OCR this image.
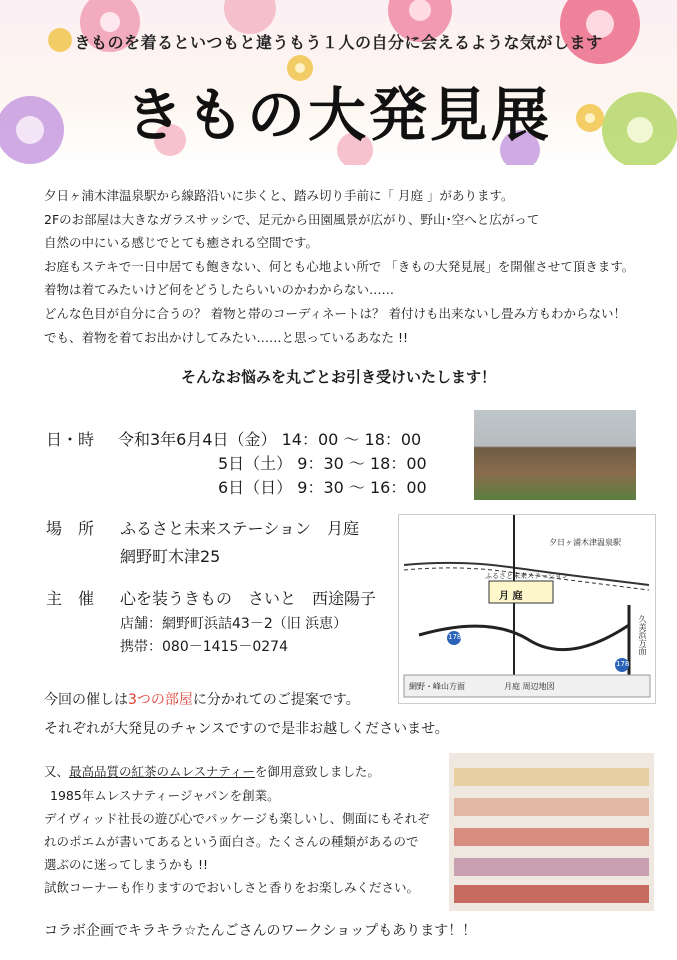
きものを着るといつもと違うもう１人の自分に会えるような気がします
きもの大発見展
夕日ヶ浦木津温泉駅から線路沿いに歩くと、踏み切り手前に「 月庭 」があります。
2Fのお部屋は大きなガラスサッシで、足元から田園風景が広がり、野山･空へと広がって
自然の中にいる感じでとても癒される空間です。
お庭もステキで一日中居ても飽きない、何とも心地よい所で 「きもの大発見展」を開催させて頂きます。
着物は着てみたいけど何をどうしたらいいのかわからない……
どんな色目が自分に合うの？ 着物と帯のコーディネートは？ 着付けも出来ないし畳み方もわからない！
でも、着物を着てお出かけしてみたい……と思っているあなた !!
そんなお悩みを丸ごとお引き受けいたします！
日・時 令和3年6月4日（金） 14：00 ～ 18：00
5日（土） 9：30 ～ 18：00
6日（日） 9：30 ～ 16：00
場　所 ふるさと未来ステーション　月庭
網野町木津25
主　催 心を装うきもの　さいと　西途陽子
店舗：網野町浜詰43－2（旧 浜恵）
携帯：080－1415－0274
夕日ヶ浦木津温泉駅
月 庭
ふるさと未来ステーション
178
178
網野・峰山方面	月庭 周辺地図
久美浜方面
今回の催しは3つの部屋に分かれてのご提案です。
それぞれが大発見のチャンスですので是非お越しくださいませ。
又、最高品質の紅茶のムレスナティーを御用意致しました。
1985年ムレスナティージャパンを創業。
デイヴィッド社長の遊び心でパッケージも楽しいし、側面にもそれぞ
れのポエムが書いてあるという面白さ。たくさんの種類があるので
選ぶのに迷ってしまうかも !!
試飲コーナーも作りますのでおいしさと香りをお楽しみください。
コラボ企画でキラキラ☆たんごさんのワークショップもあります！！
